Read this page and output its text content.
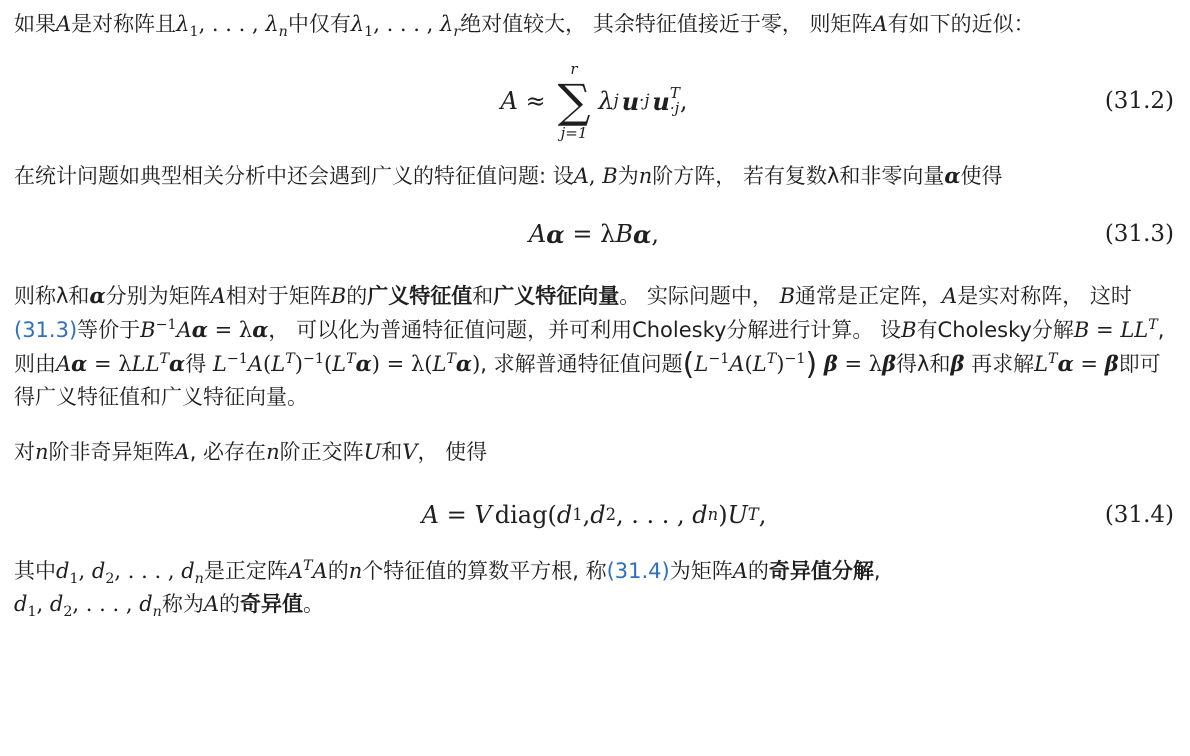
如果A是对称阵且$\lambda_1$, . . . , $\lambda_n$中仅有$\lambda_1$, . . . , $\lambda_r$绝对值较大， 其余特征值接近于零， 则矩阵A有如下的近似：

A ≈
r
∑
j=1
λ j u ·j u T
·j ,	(31.2)

在统计问题如典型相关分析中还会遇到广义的特征值问题: 设A, B为n阶方阵， 若有复数λ和非零向量α使得

A α = λ B α ,	(31.3)

则称λ和α分别为矩阵A相对于矩阵B的广义特征值和广义特征向量。 实际问题中， B通常是正定阵，A是实对称阵， 这时(31.3)等价于$B^{-1}A\alpha = \lambda\alpha$， 可以化为普通特征值问题，并可利用Cholesky分解进行计算。 设B有Cholesky分解$B = LL^T$, 则由Aα = λLL$^T$α得 $L^{-1}A(L^T)^{-1}(L^T\alpha) = \lambda(L^T\alpha)$, 求解普通特征值问题$(L^{-1}A(L^T)^{-1}) \beta = \lambda\beta$得λ和β 再求解$L^T\alpha = \beta$即可得广义特征值和广义特征向量。

对n阶非奇异矩阵A, 必存在n阶正交阵U和V， 使得

A = V diag ( d 1 , d 2 , . . . , d n ) U T ,	(31.4)

其中$d_1$, $d_2$, . . . , $d_n$是正定阵$A^TA$的n个特征值的算数平方根, 称(31.4)为矩阵A的奇异值分解,
$d_1$, $d_2$, . . . , $d_n$称为A的奇异值。
